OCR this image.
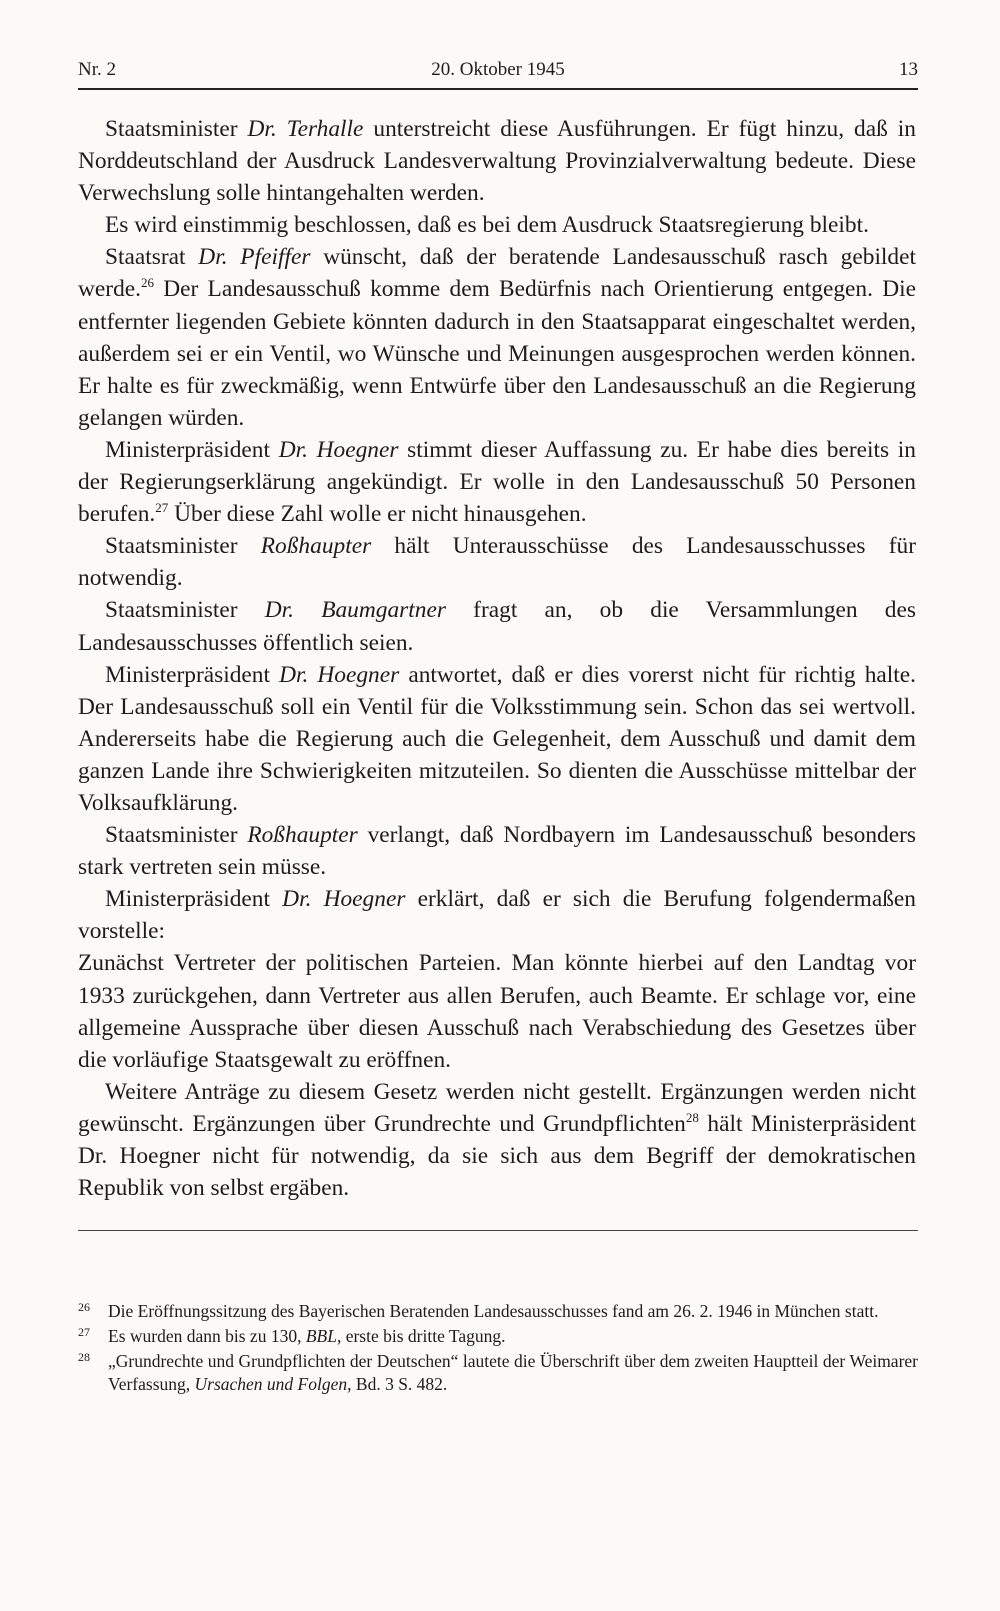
Nr. 2	20. Oktober 1945	13

Staatsminister Dr. Terhalle unterstreicht diese Ausführungen. Er fügt hinzu, daß in Norddeutschland der Ausdruck Landesverwaltung Provinzialverwaltung bedeute. Diese Verwechslung solle hintangehalten werden.

Es wird einstimmig beschlossen, daß es bei dem Ausdruck Staatsregierung bleibt.

Staatsrat Dr. Pfeiffer wünscht, daß der beratende Landesausschuß rasch gebildet werde.$^{26}$ Der Landesausschuß komme dem Bedürfnis nach Orientierung entgegen. Die entfernter liegenden Gebiete könnten dadurch in den Staatsapparat eingeschaltet werden, außerdem sei er ein Ventil, wo Wünsche und Meinungen ausgesprochen werden können. Er halte es für zweckmäßig, wenn Entwürfe über den Landesausschuß an die Regierung gelangen würden.

Ministerpräsident Dr. Hoegner stimmt dieser Auffassung zu. Er habe dies bereits in der Regierungserklärung angekündigt. Er wolle in den Landesausschuß 50 Personen berufen.$^{27}$ Über diese Zahl wolle er nicht hinausgehen.

Staatsminister Roßhaupter hält Unterausschüsse des Landesausschusses für notwendig.

Staatsminister Dr. Baumgartner fragt an, ob die Versammlungen des Landesausschusses öffentlich seien.

Ministerpräsident Dr. Hoegner antwortet, daß er dies vorerst nicht für richtig halte. Der Landesausschuß soll ein Ventil für die Volksstimmung sein. Schon das sei wertvoll. Andererseits habe die Regierung auch die Gelegenheit, dem Ausschuß und damit dem ganzen Lande ihre Schwierigkeiten mitzuteilen. So dienten die Ausschüsse mittelbar der Volksaufklärung.

Staatsminister Roßhaupter verlangt, daß Nordbayern im Landesausschuß besonders stark vertreten sein müsse.

Ministerpräsident Dr. Hoegner erklärt, daß er sich die Berufung folgendermaßen vorstelle:

Zunächst Vertreter der politischen Parteien. Man könnte hierbei auf den Landtag vor 1933 zurückgehen, dann Vertreter aus allen Berufen, auch Beamte. Er schlage vor, eine allgemeine Aussprache über diesen Ausschuß nach Verabschiedung des Gesetzes über die vorläufige Staatsgewalt zu eröffnen.

Weitere Anträge zu diesem Gesetz werden nicht gestellt. Ergänzungen werden nicht gewünscht. Ergänzungen über Grundrechte und Grundpflichten$^{28}$ hält Ministerpräsident Dr. Hoegner nicht für notwendig, da sie sich aus dem Begriff der demokratischen Republik von selbst ergäben.

26 Die Eröffnungssitzung des Bayerischen Beratenden Landesausschusses fand am 26. 2. 1946 in München statt.
27 Es wurden dann bis zu 130, BBL, erste bis dritte Tagung.
28 „Grundrechte und Grundpflichten der Deutschen“ lautete die Überschrift über dem zweiten Hauptteil der Weimarer Verfassung, Ursachen und Folgen, Bd. 3 S. 482.
